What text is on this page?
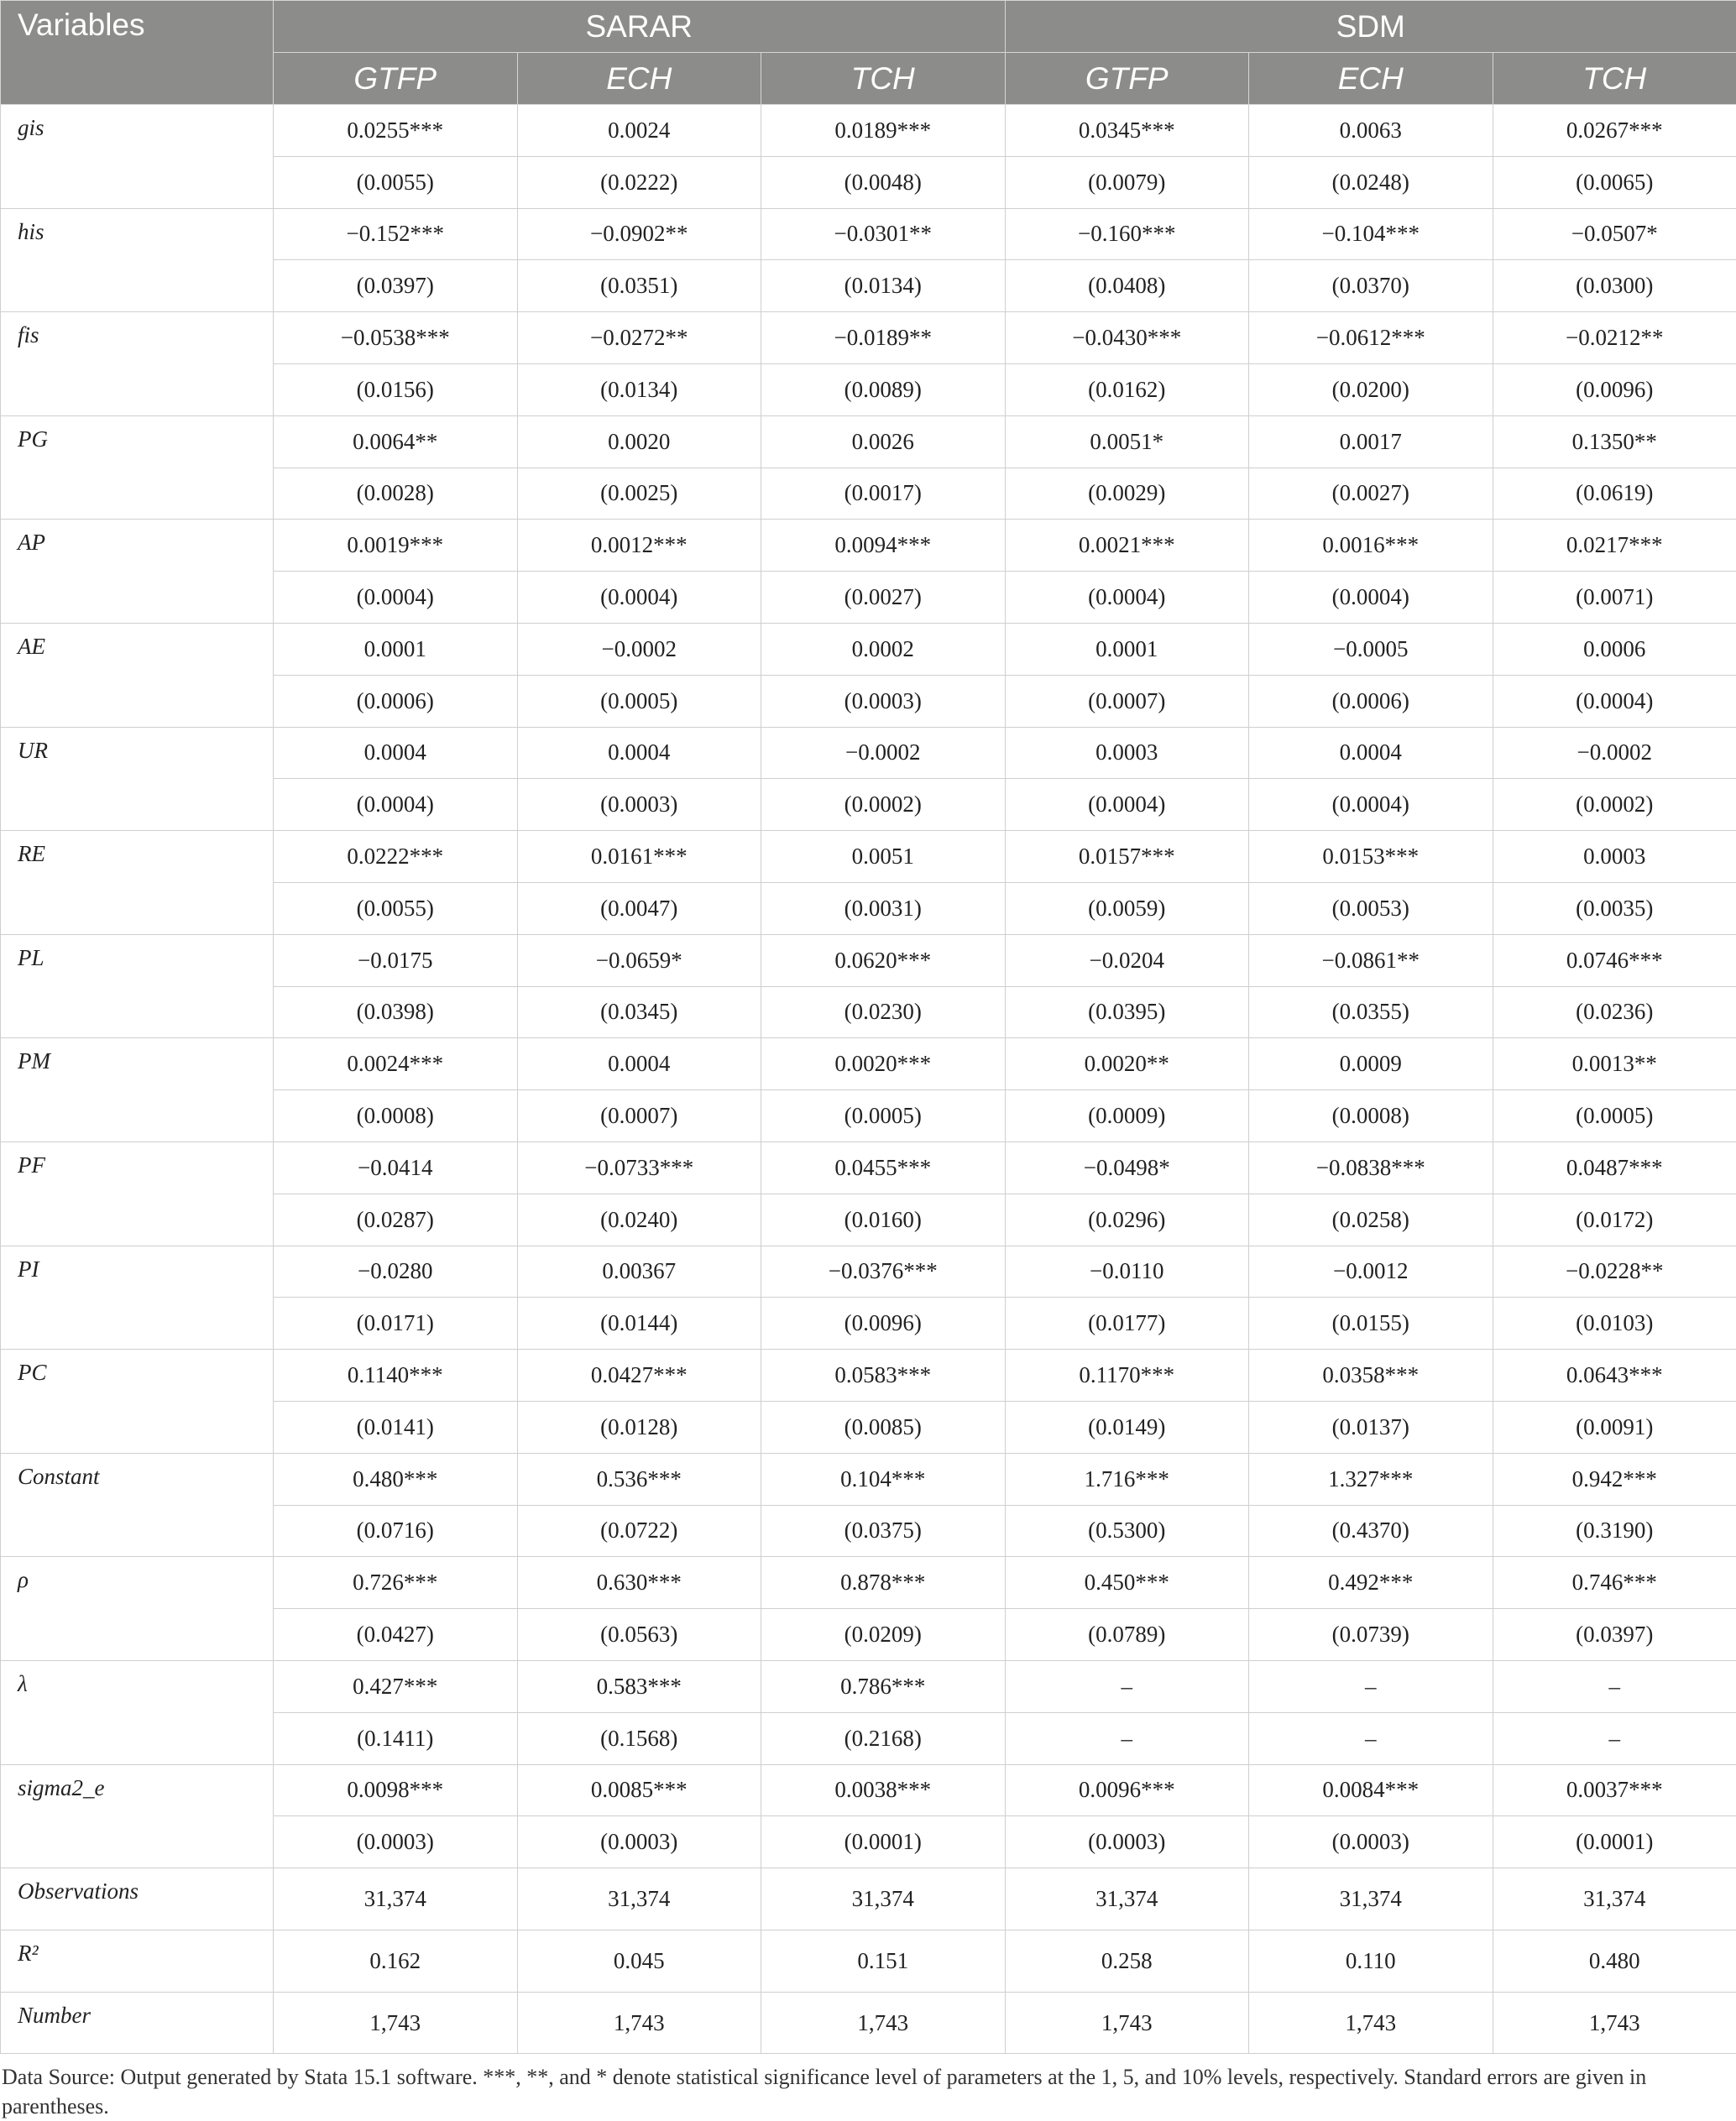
Variables	SARAR			SDM		
	GTFP	ECH	TCH	GTFP	ECH	TCH
gis	0.0255***	0.0024	0.0189***	0.0345***	0.0063	0.0267***
	(0.0055)	(0.0222)	(0.0048)	(0.0079)	(0.0248)	(0.0065)
his	−0.152***	−0.0902**	−0.0301**	−0.160***	−0.104***	−0.0507*
	(0.0397)	(0.0351)	(0.0134)	(0.0408)	(0.0370)	(0.0300)
fis	−0.0538***	−0.0272**	−0.0189**	−0.0430***	−0.0612***	−0.0212**
	(0.0156)	(0.0134)	(0.0089)	(0.0162)	(0.0200)	(0.0096)
PG	0.0064**	0.0020	0.0026	0.0051*	0.0017	0.1350**
	(0.0028)	(0.0025)	(0.0017)	(0.0029)	(0.0027)	(0.0619)
AP	0.0019***	0.0012***	0.0094***	0.0021***	0.0016***	0.0217***
	(0.0004)	(0.0004)	(0.0027)	(0.0004)	(0.0004)	(0.0071)
AE	0.0001	−0.0002	0.0002	0.0001	−0.0005	0.0006
	(0.0006)	(0.0005)	(0.0003)	(0.0007)	(0.0006)	(0.0004)
UR	0.0004	0.0004	−0.0002	0.0003	0.0004	−0.0002
	(0.0004)	(0.0003)	(0.0002)	(0.0004)	(0.0004)	(0.0002)
RE	0.0222***	0.0161***	0.0051	0.0157***	0.0153***	0.0003
	(0.0055)	(0.0047)	(0.0031)	(0.0059)	(0.0053)	(0.0035)
PL	−0.0175	−0.0659*	0.0620***	−0.0204	−0.0861**	0.0746***
	(0.0398)	(0.0345)	(0.0230)	(0.0395)	(0.0355)	(0.0236)
PM	0.0024***	0.0004	0.0020***	0.0020**	0.0009	0.0013**
	(0.0008)	(0.0007)	(0.0005)	(0.0009)	(0.0008)	(0.0005)
PF	−0.0414	−0.0733***	0.0455***	−0.0498*	−0.0838***	0.0487***
	(0.0287)	(0.0240)	(0.0160)	(0.0296)	(0.0258)	(0.0172)
PI	−0.0280	0.00367	−0.0376***	−0.0110	−0.0012	−0.0228**
	(0.0171)	(0.0144)	(0.0096)	(0.0177)	(0.0155)	(0.0103)
PC	0.1140***	0.0427***	0.0583***	0.1170***	0.0358***	0.0643***
	(0.0141)	(0.0128)	(0.0085)	(0.0149)	(0.0137)	(0.0091)
Constant	0.480***	0.536***	0.104***	1.716***	1.327***	0.942***
	(0.0716)	(0.0722)	(0.0375)	(0.5300)	(0.4370)	(0.3190)
ρ	0.726***	0.630***	0.878***	0.450***	0.492***	0.746***
	(0.0427)	(0.0563)	(0.0209)	(0.0789)	(0.0739)	(0.0397)
λ	0.427***	0.583***	0.786***	–	–	–
	(0.1411)	(0.1568)	(0.2168)	–	–	–
sigma2_e	0.0098***	0.0085***	0.0038***	0.0096***	0.0084***	0.0037***
	(0.0003)	(0.0003)	(0.0001)	(0.0003)	(0.0003)	(0.0001)
Observations	31,374	31,374	31,374	31,374	31,374	31,374
R²	0.162	0.045	0.151	0.258	0.110	0.480
Number	1,743	1,743	1,743	1,743	1,743	1,743
Data Source: Output generated by Stata 15.1 software. ***, **, and * denote statistical significance level of parameters at the 1, 5, and 10% levels, respectively. Standard errors are given in parentheses.
